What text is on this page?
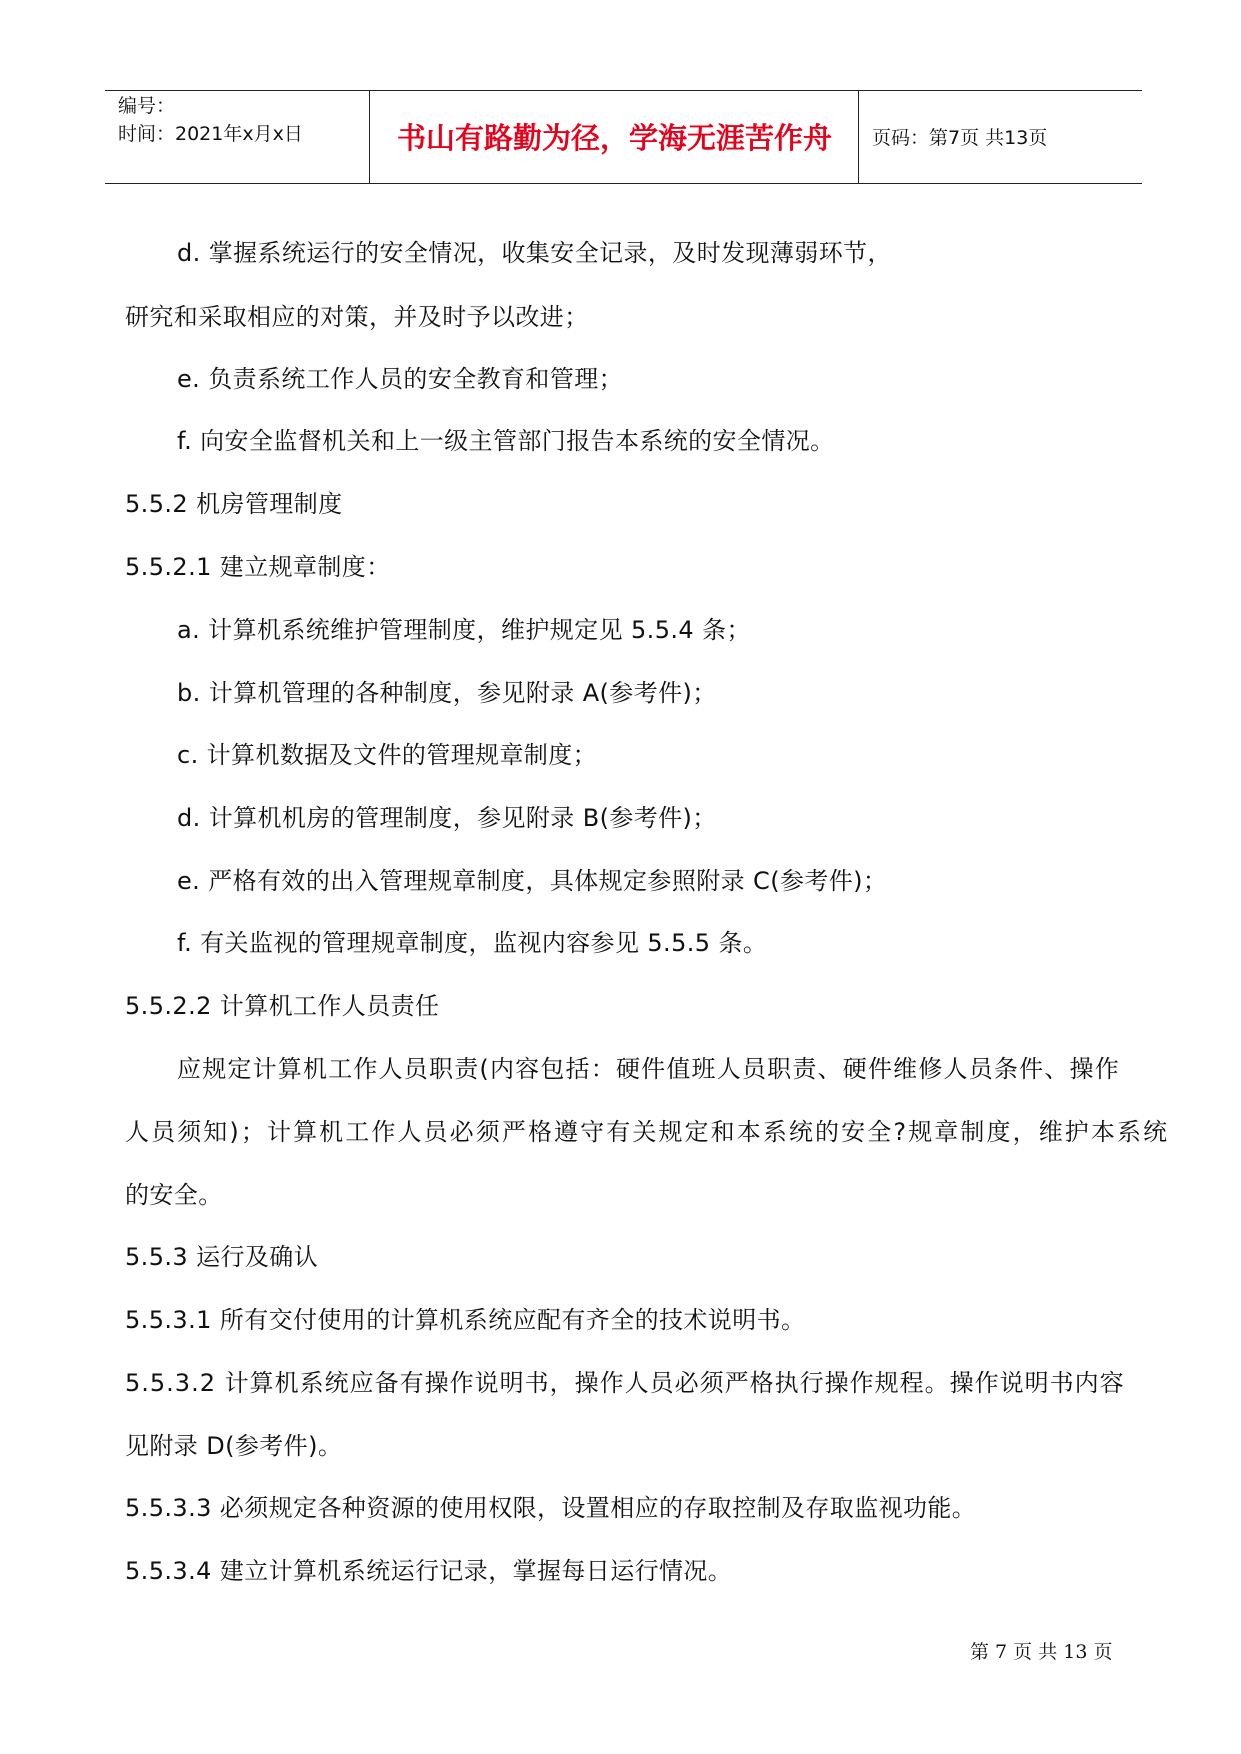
编号：
时间：2021年x月x日	书山有路勤为径，学海无涯苦作舟	页码：第7页 共13页
d. 掌握系统运行的安全情况，收集安全记录，及时发现薄弱环节，
研究和采取相应的对策，并及时予以改进；
e. 负责系统工作人员的安全教育和管理；
f. 向安全监督机关和上一级主管部门报告本系统的安全情况。
5.5.2 机房管理制度
5.5.2.1 建立规章制度：
a. 计算机系统维护管理制度，维护规定见 5.5.4 条；
b. 计算机管理的各种制度，参见附录 A(参考件)；
c. 计算机数据及文件的管理规章制度；
d. 计算机机房的管理制度，参见附录 B(参考件)；
e. 严格有效的出入管理规章制度，具体规定参照附录 C(参考件)；
f. 有关监视的管理规章制度，监视内容参见 5.5.5 条。
5.5.2.2 计算机工作人员责任
应规定计算机工作人员职责(内容包括：硬件值班人员职责、硬件维修人员条件、操作
人员须知)；计算机工作人员必须严格遵守有关规定和本系统的安全?规章制度，维护本系统
的安全。
5.5.3 运行及确认
5.5.3.1 所有交付使用的计算机系统应配有齐全的技术说明书。
5.5.3.2 计算机系统应备有操作说明书，操作人员必须严格执行操作规程。操作说明书内容
见附录 D(参考件)。
5.5.3.3 必须规定各种资源的使用权限，设置相应的存取控制及存取监视功能。
5.5.3.4 建立计算机系统运行记录，掌握每日运行情况。
第 7 页 共 13 页
